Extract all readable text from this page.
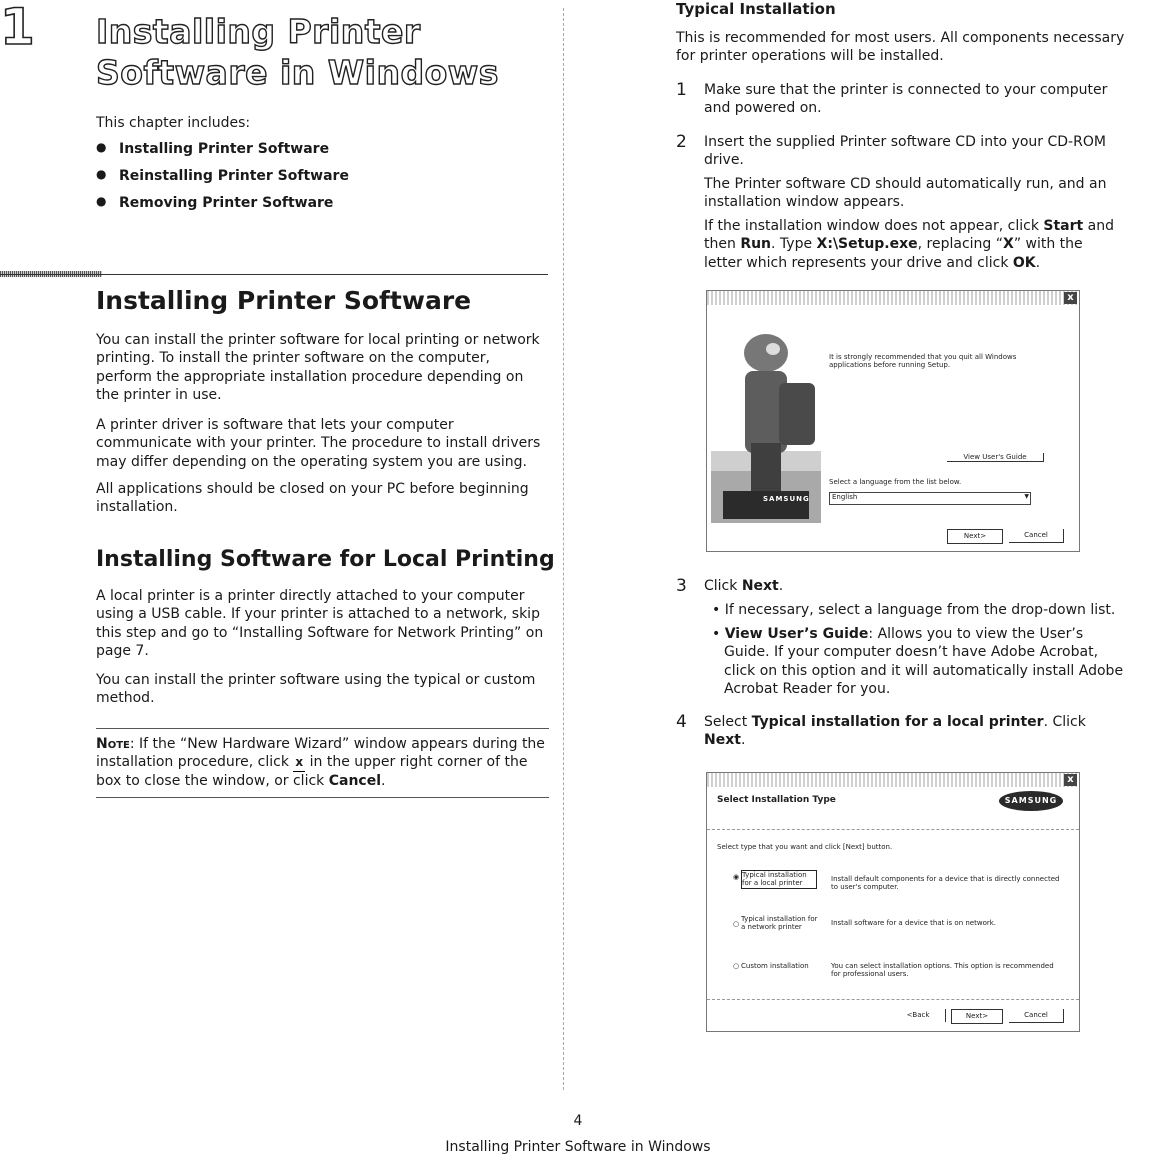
1 Installing Printer
Software in Windows
This chapter includes:
● Installing Printer Software
● Reinstalling Printer Software
● Removing Printer Software
Installing Printer Software

You can install the printer software for local printing or network printing. To install the printer software on the computer, perform the appropriate installation procedure depending on the printer in use.

A printer driver is software that lets your computer communicate with your printer. The procedure to install drivers may differ depending on the operating system you are using.

All applications should be closed on your PC before beginning installation.

Installing Software for Local Printing

A local printer is a printer directly attached to your computer using a USB cable. If your printer is attached to a network, skip this step and go to “Installing Software for Network Printing” on page 7.

You can install the printer software using the typical or custom method.

Note: If the “New Hardware Wizard” window appears during the installation procedure, click x in the upper right corner of the box to close the window, or click Cancel.
Typical Installation
This is recommended for most users. All components necessary for printer operations will be installed.
1 Make sure that the printer is connected to your computer and powered on.
2 Insert the supplied Printer software CD into your CD-ROM drive.
The Printer software CD should automatically run, and an installation window appears.
If the installation window does not appear, click Start and then Run. Type X:\Setup.exe, replacing “X” with the letter which represents your drive and click OK.
x
SAMSUNG
It is strongly recommended that you quit all Windows applications before running Setup.
View User's Guide
Select a language from the list below.
English	▼
Next>	Cancel
3 Click Next.

• If necessary, select a language from the drop-down list.

• View User’s Guide: Allows you to view the User’s Guide. If your computer doesn’t have Adobe Acrobat, click on this option and it will automatically install Adobe Acrobat Reader for you.

4 Select Typical installation for a local printer. Click Next.
x
Select Installation Type	SAMSUNG
Select type that you want and click [Next] button.
◉ Typical installation for a local printer
Install default components for a device that is directly connected to user's computer.
○
Typical installation for a network printer
Install software for a device that is on network.
○ Custom installation	You can select installation options. This option is recommended for professional users.
<Back	Next>	Cancel
4
Installing Printer Software in Windows
